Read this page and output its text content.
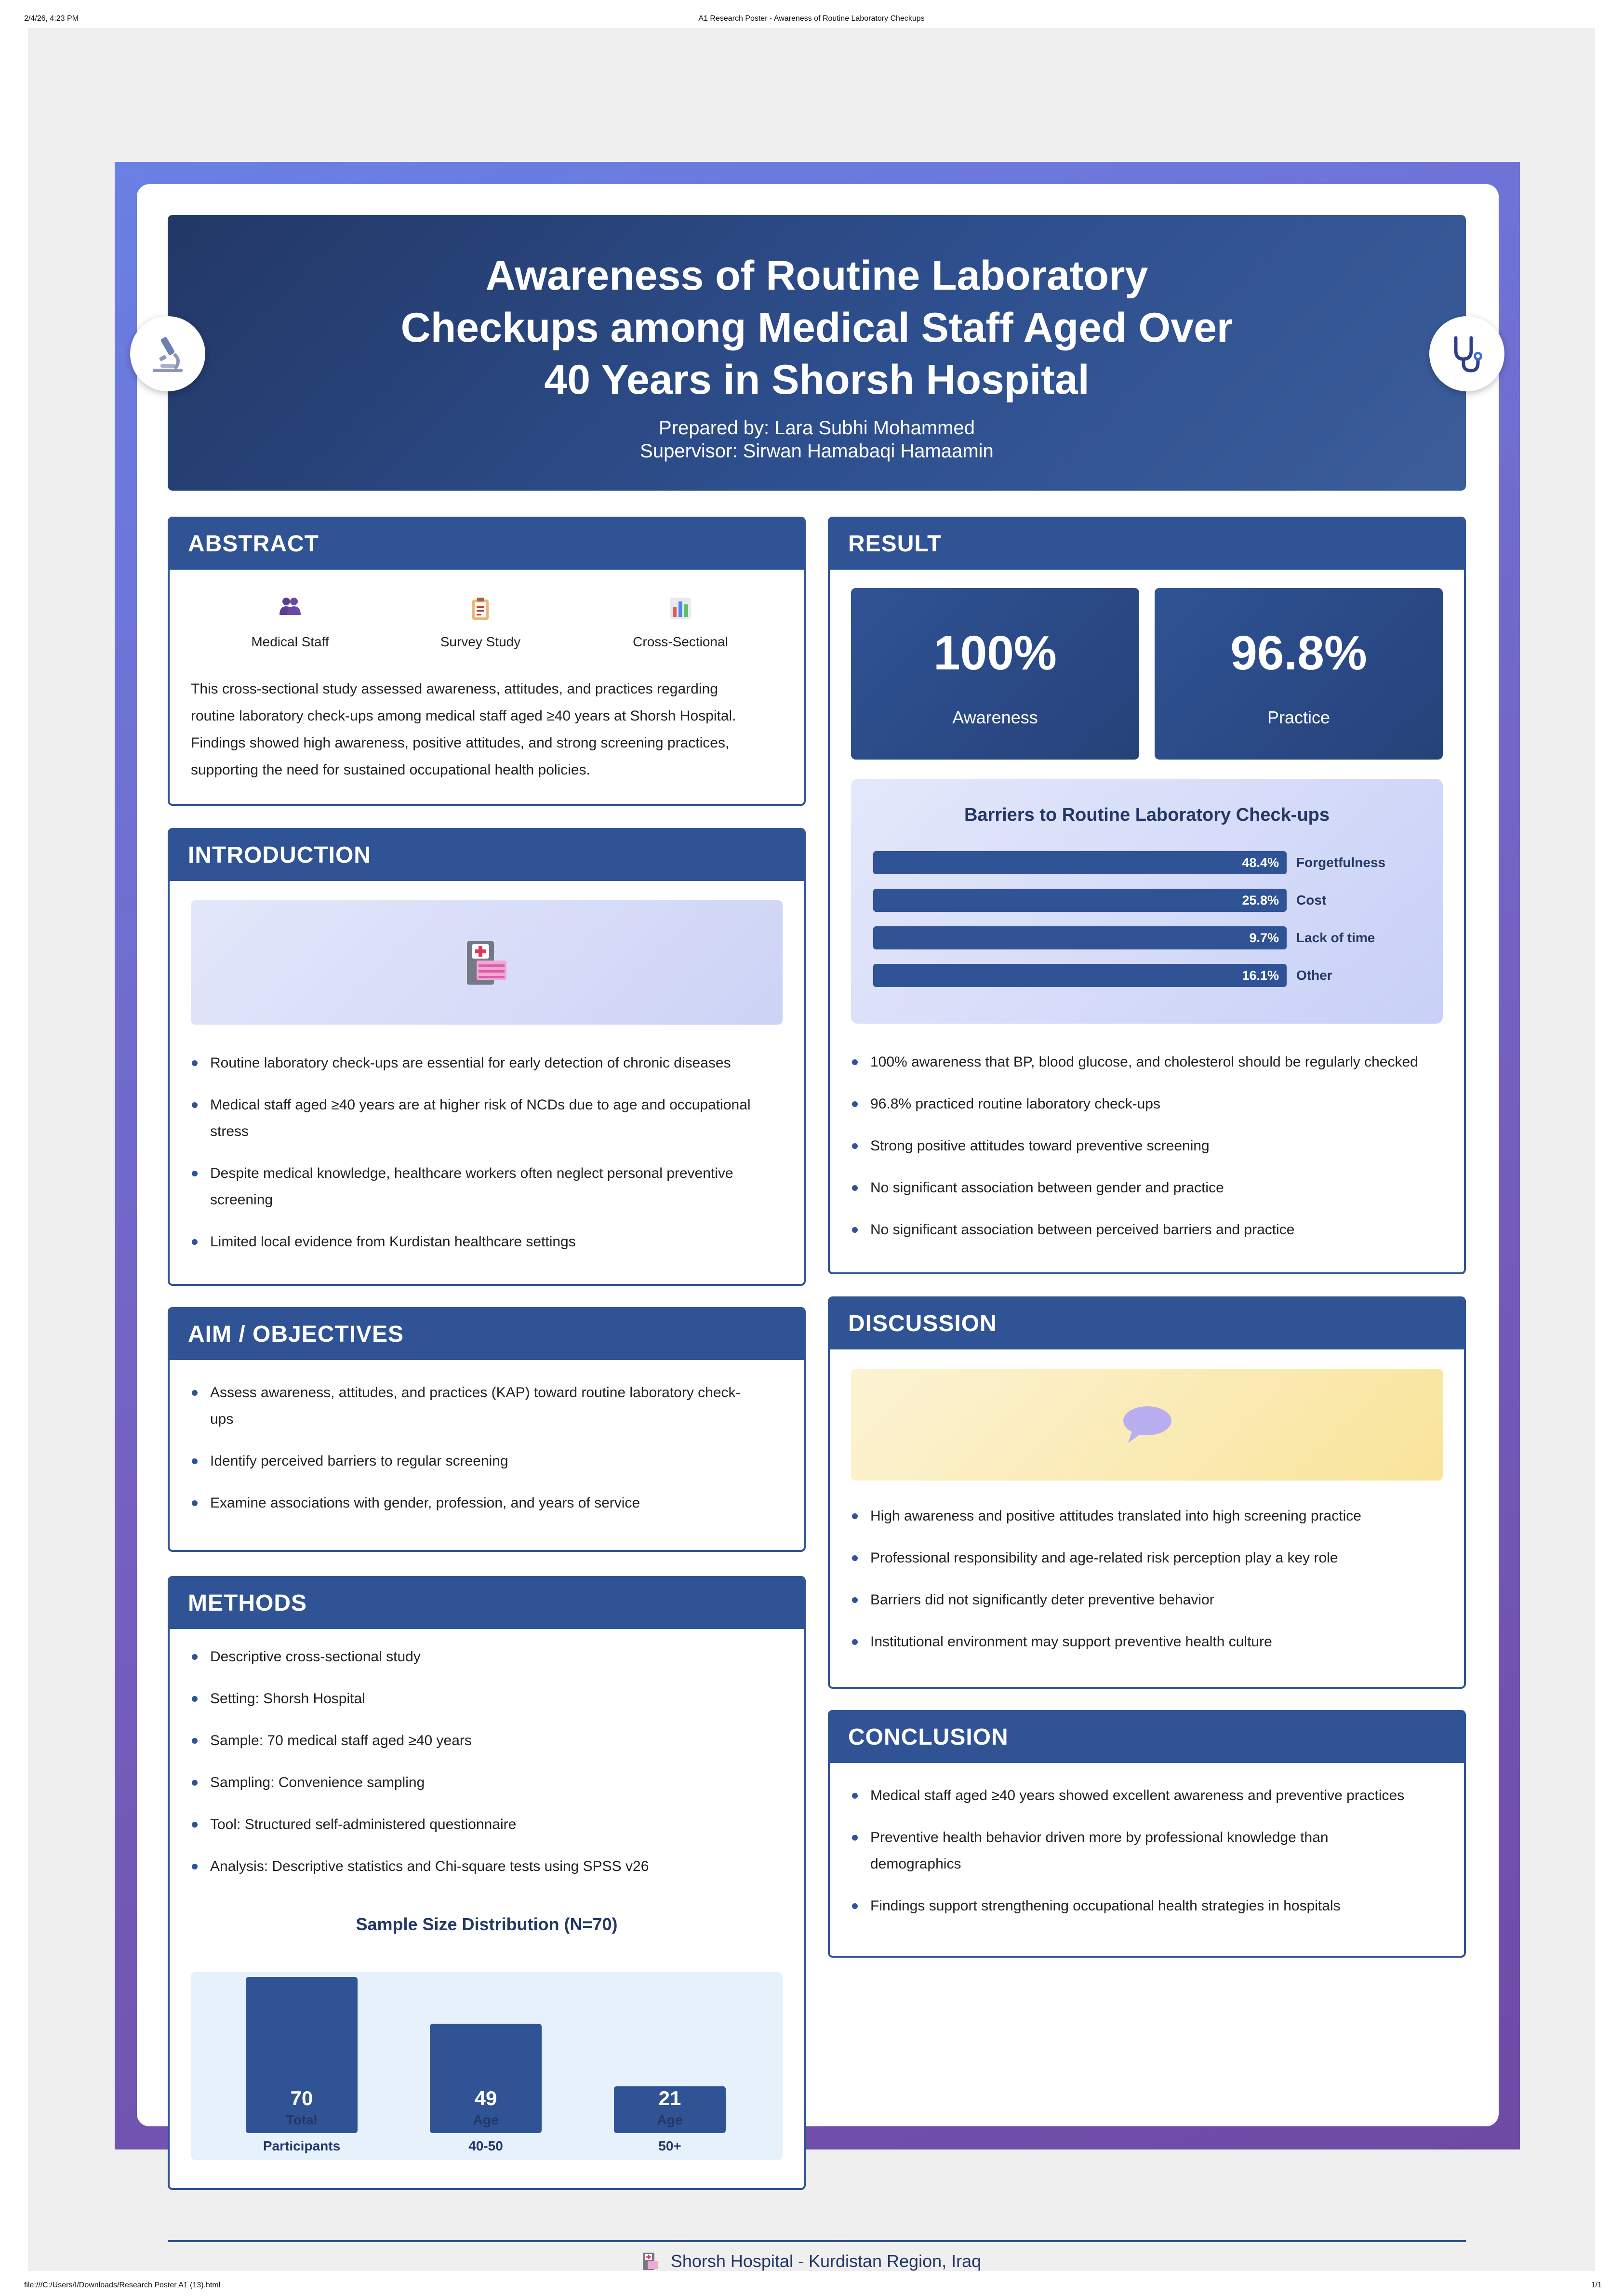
2/4/26, 4:23 PM	A1 Research Poster - Awareness of Routine Laboratory Checkups
file:///C:/Users/I/Downloads/Research Poster A1 (13).html	1/1
Awareness of Routine Laboratory
Checkups among Medical Staff Aged Over
40 Years in Shorsh Hospital
Prepared by: Lara Subhi Mohammed
Supervisor: Sirwan Hamabaqi Hamaamin
ABSTRACT
Medical Staff	Survey Study	Cross-Sectional

This cross-sectional study assessed awareness, attitudes, and practices regarding
routine laboratory check-ups among medical staff aged ≥40 years at Shorsh Hospital.
Findings showed high awareness, positive attitudes, and strong screening practices,
supporting the need for sustained occupational health policies.

INTRODUCTION
Routine laboratory check-ups are essential for early detection of chronic diseases
Medical staff aged ≥40 years are at higher risk of NCDs due to age and occupational
stress
Despite medical knowledge, healthcare workers often neglect personal preventive
screening
Limited local evidence from Kurdistan healthcare settings
AIM / OBJECTIVES
Assess awareness, attitudes, and practices (KAP) toward routine laboratory check-
ups
Identify perceived barriers to regular screening
Examine associations with gender, profession, and years of service
METHODS
Descriptive cross-sectional study
Setting: Shorsh Hospital
Sample: 70 medical staff aged ≥40 years
Sampling: Convenience sampling
Tool: Structured self-administered questionnaire
Analysis: Descriptive statistics and Chi-square tests using SPSS v26
Sample Size Distribution (N=70)
70
Total
Participants
49
Age
40-50
21
Age
50+
RESULT
100%
Awareness
96.8%
Practice
Barriers to Routine Laboratory Check-ups
48.4% Forgetfulness
25.8% Cost
9.7% Lack of time
16.1% Other
100% awareness that BP, blood glucose, and cholesterol should be regularly checked
96.8% practiced routine laboratory check-ups
Strong positive attitudes toward preventive screening
No significant association between gender and practice
No significant association between perceived barriers and practice
DISCUSSION
High awareness and positive attitudes translated into high screening practice
Professional responsibility and age-related risk perception play a key role
Barriers did not significantly deter preventive behavior
Institutional environment may support preventive health culture
CONCLUSION
Medical staff aged ≥40 years showed excellent awareness and preventive practices
Preventive health behavior driven more by professional knowledge than
demographics
Findings support strengthening occupational health strategies in hospitals
Shorsh Hospital - Kurdistan Region, Iraq
